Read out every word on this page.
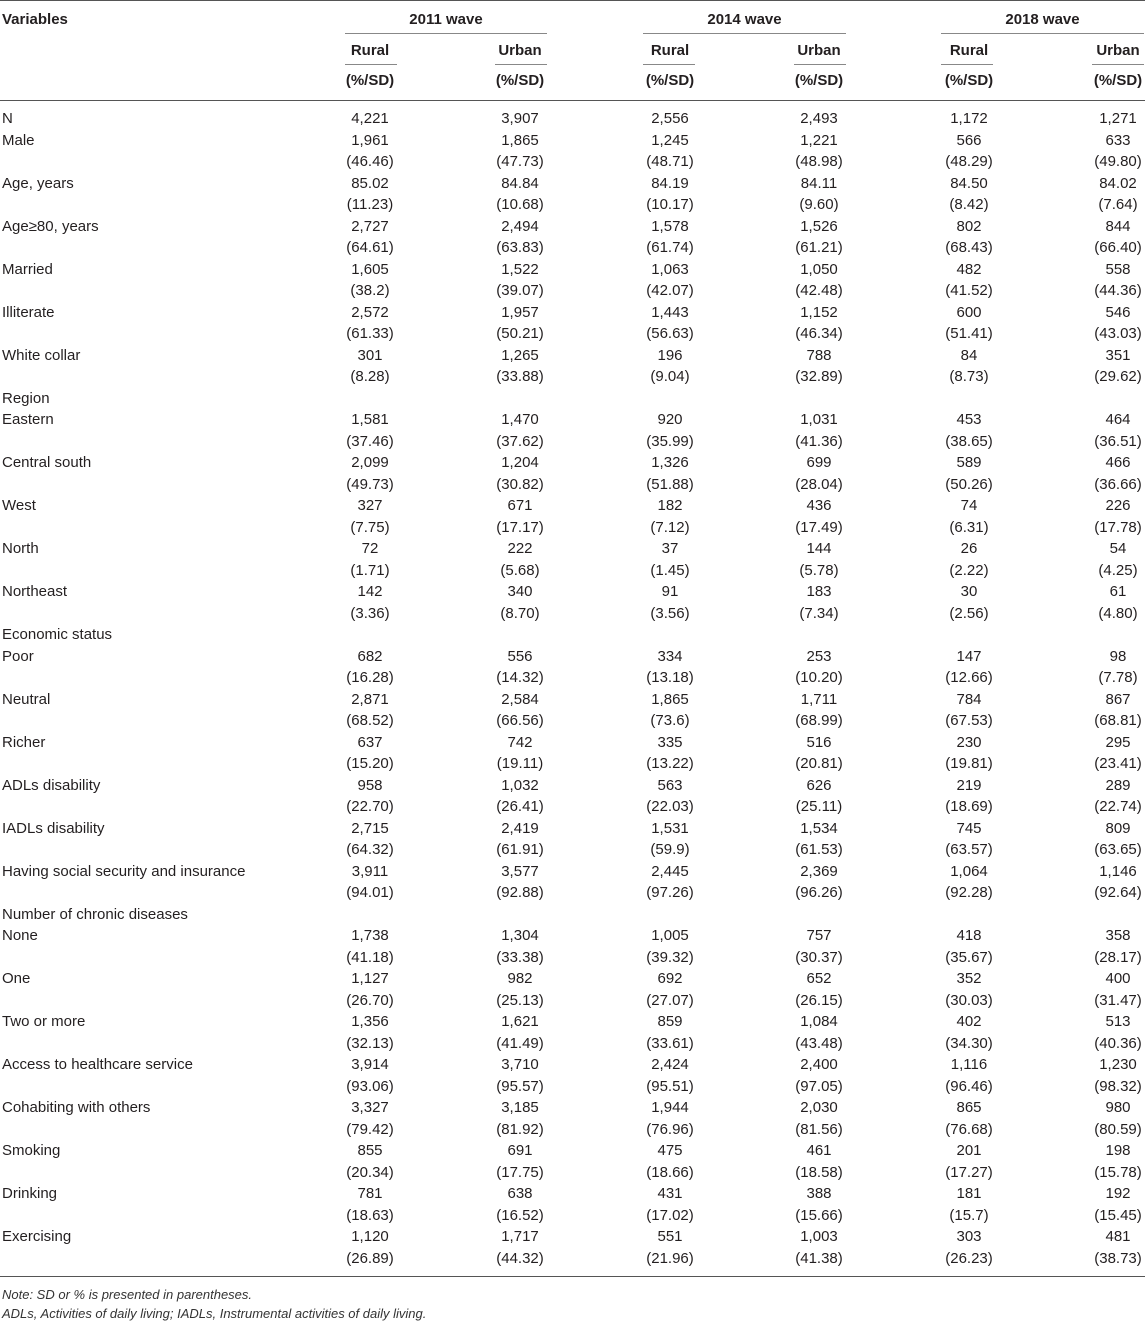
Variables	2011 wave	2014 wave	2018 wave
Rural	Urban	Rural	Urban	Rural	Urban
(%/SD)	(%/SD)	(%/SD)	(%/SD)	(%/SD)	(%/SD)
N	4,221	3,907	2,556	2,493	1,172	1,271
Male	1,961	1,865	1,245	1,221	566	633
(46.46)	(47.73)	(48.71)	(48.98)	(48.29)	(49.80)
Age, years	85.02	84.84	84.19	84.11	84.50	84.02
(11.23)	(10.68)	(10.17)	(9.60)	(8.42)	(7.64)
Age≥80, years	2,727	2,494	1,578	1,526	802	844
(64.61)	(63.83)	(61.74)	(61.21)	(68.43)	(66.40)
Married	1,605	1,522	1,063	1,050	482	558
(38.2)	(39.07)	(42.07)	(42.48)	(41.52)	(44.36)
Illiterate	2,572	1,957	1,443	1,152	600	546
(61.33)	(50.21)	(56.63)	(46.34)	(51.41)	(43.03)
White collar	301	1,265	196	788	84	351
(8.28)	(33.88)	(9.04)	(32.89)	(8.73)	(29.62)
Region
Eastern	1,581	1,470	920	1,031	453	464
(37.46)	(37.62)	(35.99)	(41.36)	(38.65)	(36.51)
Central south	2,099	1,204	1,326	699	589	466
(49.73)	(30.82)	(51.88)	(28.04)	(50.26)	(36.66)
West	327	671	182	436	74	226
(7.75)	(17.17)	(7.12)	(17.49)	(6.31)	(17.78)
North	72	222	37	144	26	54
(1.71)	(5.68)	(1.45)	(5.78)	(2.22)	(4.25)
Northeast	142	340	91	183	30	61
(3.36)	(8.70)	(3.56)	(7.34)	(2.56)	(4.80)
Economic status
Poor	682	556	334	253	147	98
(16.28)	(14.32)	(13.18)	(10.20)	(12.66)	(7.78)
Neutral	2,871	2,584	1,865	1,711	784	867
(68.52)	(66.56)	(73.6)	(68.99)	(67.53)	(68.81)
Richer	637	742	335	516	230	295
(15.20)	(19.11)	(13.22)	(20.81)	(19.81)	(23.41)
ADLs disability	958	1,032	563	626	219	289
(22.70)	(26.41)	(22.03)	(25.11)	(18.69)	(22.74)
IADLs disability	2,715	2,419	1,531	1,534	745	809
(64.32)	(61.91)	(59.9)	(61.53)	(63.57)	(63.65)
Having social security and insurance	3,911	3,577	2,445	2,369	1,064	1,146
(94.01)	(92.88)	(97.26)	(96.26)	(92.28)	(92.64)
Number of chronic diseases
None	1,738	1,304	1,005	757	418	358
(41.18)	(33.38)	(39.32)	(30.37)	(35.67)	(28.17)
One	1,127	982	692	652	352	400
(26.70)	(25.13)	(27.07)	(26.15)	(30.03)	(31.47)
Two or more	1,356	1,621	859	1,084	402	513
(32.13)	(41.49)	(33.61)	(43.48)	(34.30)	(40.36)
Access to healthcare service	3,914	3,710	2,424	2,400	1,116	1,230
(93.06)	(95.57)	(95.51)	(97.05)	(96.46)	(98.32)
Cohabiting with others	3,327	3,185	1,944	2,030	865	980
(79.42)	(81.92)	(76.96)	(81.56)	(76.68)	(80.59)
Smoking	855	691	475	461	201	198
(20.34)	(17.75)	(18.66)	(18.58)	(17.27)	(15.78)
Drinking	781	638	431	388	181	192
(18.63)	(16.52)	(17.02)	(15.66)	(15.7)	(15.45)
Exercising	1,120	1,717	551	1,003	303	481
(26.89)	(44.32)	(21.96)	(41.38)	(26.23)	(38.73)
Note: SD or % is presented in parentheses.
ADLs, Activities of daily living; IADLs, Instrumental activities of daily living.
